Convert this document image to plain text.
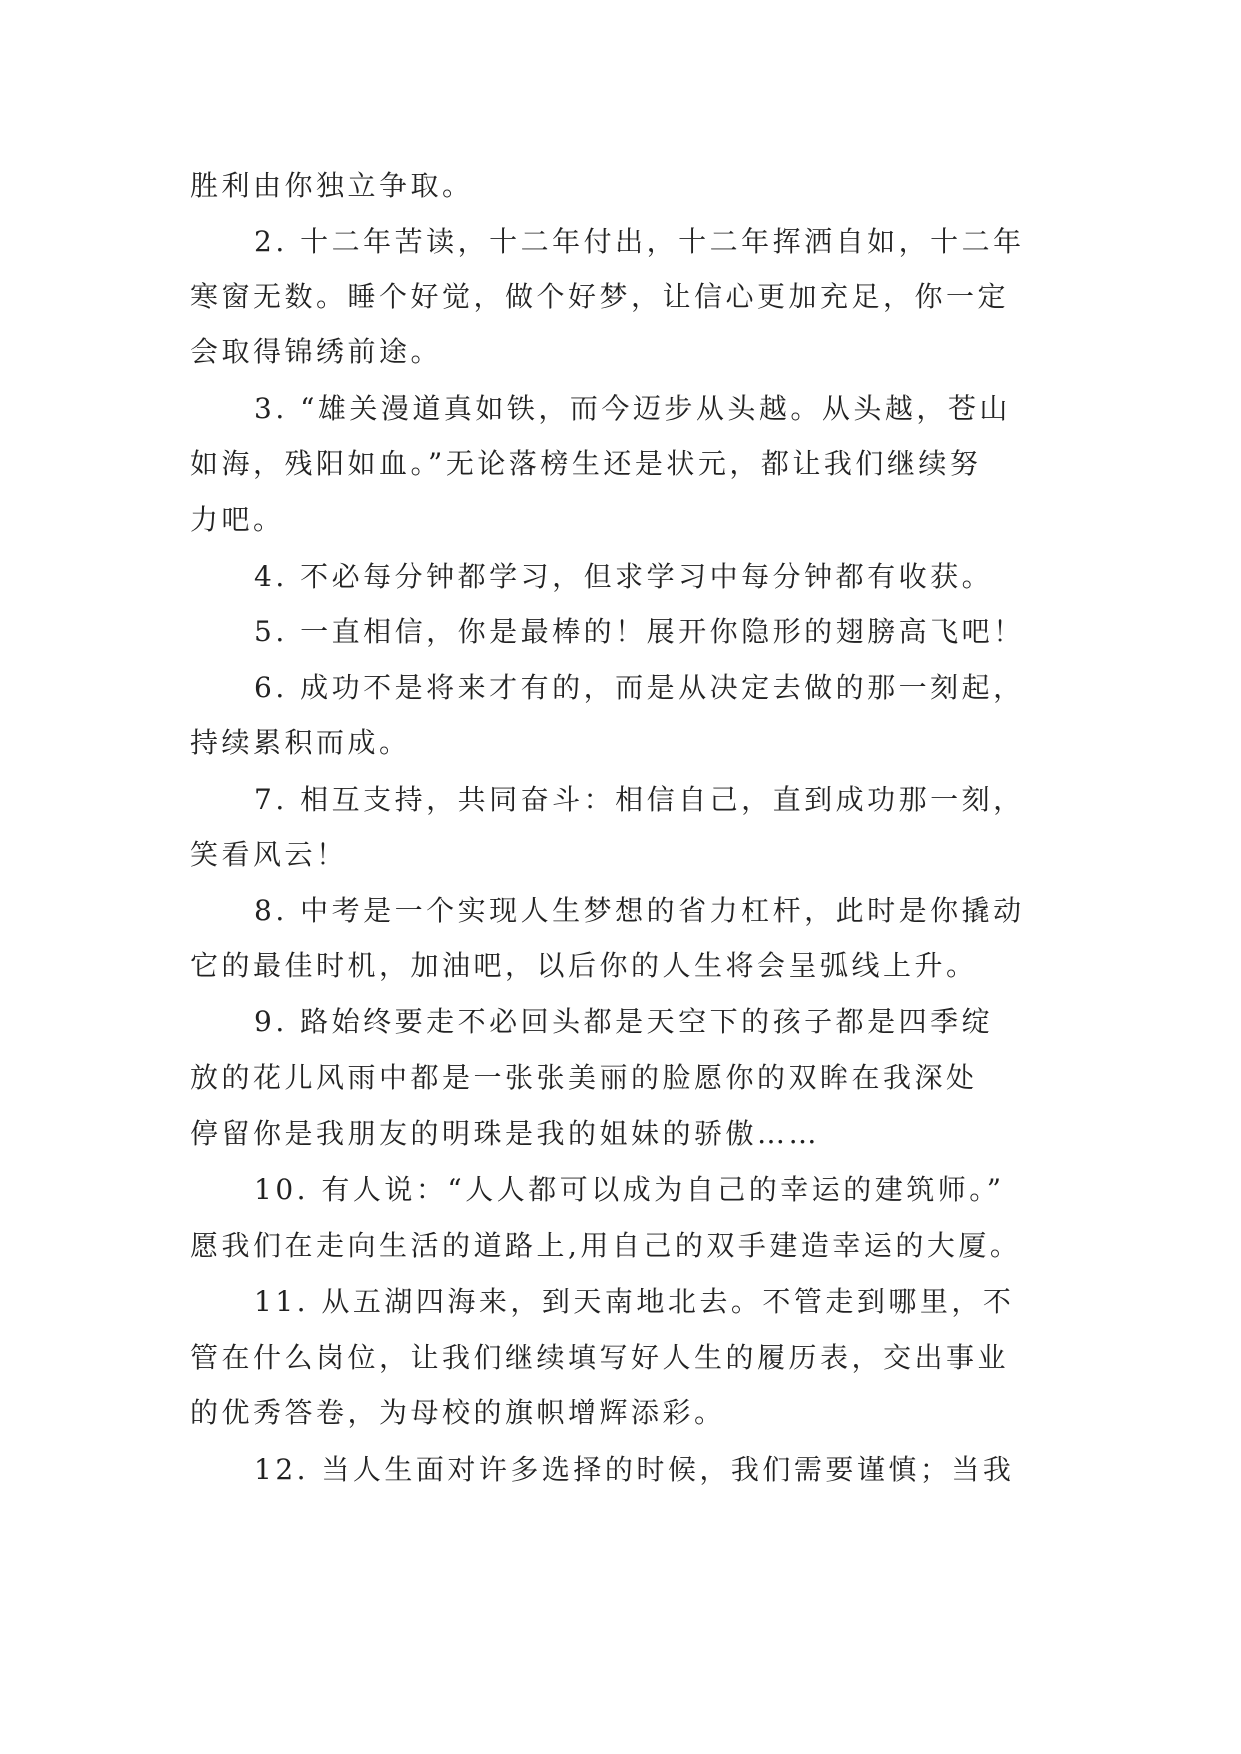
胜利由你独立争取。

2. 十二年苦读，十二年付出，十二年挥洒自如，十二年

寒窗无数。睡个好觉，做个好梦，让信心更加充足，你一定

会取得锦绣前途。

3. “雄关漫道真如铁，而今迈步从头越。从头越，苍山

如海，残阳如血。”无论落榜生还是状元，都让我们继续努

力吧。

4. 不必每分钟都学习，但求学习中每分钟都有收获。

5. 一直相信，你是最棒的！展开你隐形的翅膀高飞吧！

6. 成功不是将来才有的，而是从决定去做的那一刻起，

持续累积而成。

7. 相互支持，共同奋斗：相信自己，直到成功那一刻，

笑看风云！

8. 中考是一个实现人生梦想的省力杠杆，此时是你撬动

它的最佳时机，加油吧，以后你的人生将会呈弧线上升。

9. 路始终要走不必回头都是天空下的孩子都是四季绽

放的花儿风雨中都是一张张美丽的脸愿你的双眸在我深处

停留你是我朋友的明珠是我的姐妹的骄傲……

10. 有人说：“人人都可以成为自己的幸运的建筑师。”

愿我们在走向生活的道路上,用自己的双手建造幸运的大厦。

11. 从五湖四海来，到天南地北去。不管走到哪里，不

管在什么岗位，让我们继续填写好人生的履历表，交出事业

的优秀答卷，为母校的旗帜增辉添彩。

12. 当人生面对许多选择的时候，我们需要谨慎；当我
